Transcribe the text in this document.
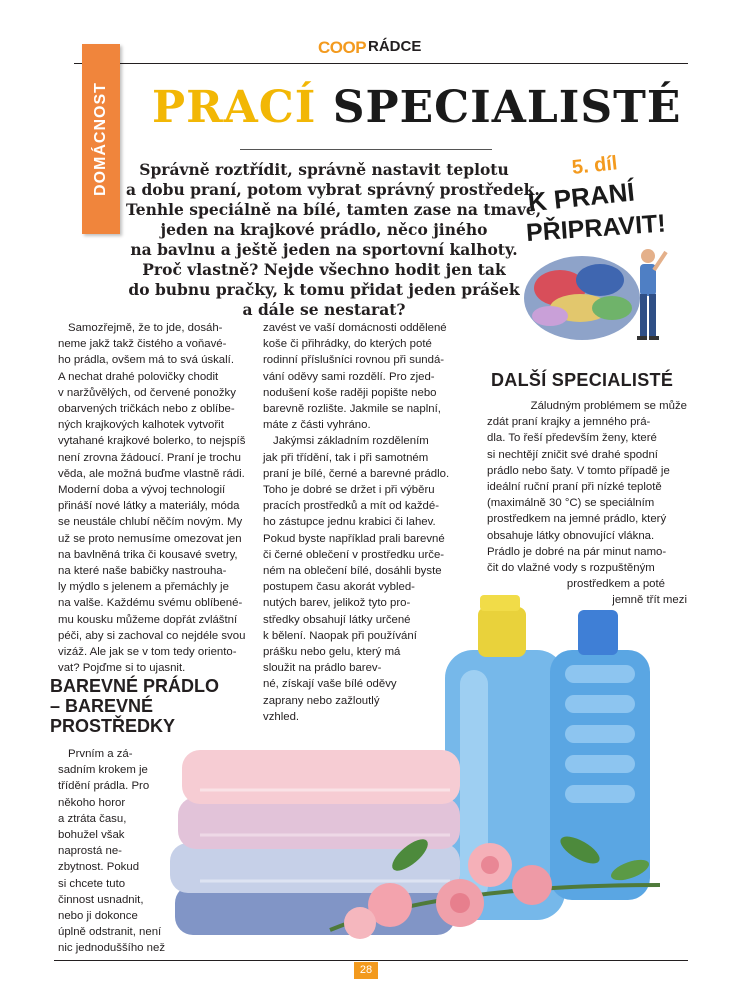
COOP RÁDCE
DOMÁCNOST PRACÍ SPECIALISTÉ
Správně roztřídit, správně nastavit teplotu
a dobu praní, potom vybrat správný prostředek.
Tenhle speciálně na bílé, tamten zase na tmavé,
jeden na krajkové prádlo, něco jiného
na bavlnu a ještě jeden na sportovní kalhoty.
Proč vlastně? Nejde všechno hodit jen tak
do bubnu pračky, k tomu přidat jeden prášek
a dále se nestarat?
5. díl
K PRANÍ
PŘIPRAVIT!
Samozřejmě, že to jde, dosáh-
neme jakž takž čistého a voňavé-
ho prádla, ovšem má to svá úskalí.
A nechat drahé polovičky chodit
v naržůvělých, od červené ponožky
obarvených tričkách nebo z oblíbe-
ných krajkových kalhotek vytvořit
vytahané krajkové bolerko, to nejspíš
není zrovna žádoucí. Praní je trochu
věda, ale možná buďme vlastně rádi.
Moderní doba a vývoj technologií
přináší nové látky a materiály, móda
se neustále chlubí něčím novým. My
už se proto nemusíme omezovat jen
na bavlněná trika či kousavé svetry,
na které naše babičky nastrouha-
ly mýdlo s jelenem a přemáchly je
na valše. Každému svému oblíbené-
mu kousku můžeme dopřát zvláštní
péči, aby si zachoval co nejdéle svou
vizáž. Ale jak se v tom tedy oriento-
vat? Pojďme si to ujasnit.
zavést ve vaší domácnosti oddělené
koše či přihrádky, do kterých poté
rodinní příslušníci rovnou při sundá-
vání oděvy sami rozdělí. Pro zjed-
nodušení koše raději popište nebo
barevně rozlište. Jakmile se naplní,
máte z části vyhráno.
Jakýmsi základním rozdělením
jak při třídění, tak i při samotném
praní je bílé, černé a barevné prádlo.
Toho je dobré se držet i při výběru
pracích prostředků a mít od každé-
ho zástupce jednu krabici či lahev.
Pokud byste například prali barevné
či černé oblečení v prostředku urče-
ném na oblečení bílé, dosáhli byste
postupem času akorát vybled-
nutých barev, jelikož tyto pro-
středky obsahují látky určené
k bělení. Naopak při používání
prášku nebo gelu, který má
sloužit na prádlo barev-
né, získají vaše bílé oděvy
zaprany nebo zažloutlý
vzhled.
DALŠÍ SPECIALISTÉ
Záludným problémem se může
zdát praní krajky a jemného prá-
dla. To řeší především ženy, které
si nechtějí zničit své drahé spodní
prádlo nebo šaty. V tomto případě je
ideální ruční praní při nízké teplotě
(maximálně 30 °C) se speciálním
prostředkem na jemné prádlo, který
obsahuje látky obnovující vlákna.
Prádlo je dobré na pár minut namo-
čit do vlažné vody s rozpuštěným
prostředkem a poté
jemně třít mezi
BAREVNÉ PRÁDLO
– BAREVNÉ
PROSTŘEDKY
Prvním a zá-
sadním krokem je
třídění prádla. Pro
někoho horor
a ztráta času,
bohužel však
naprostá ne-
zbytnost. Pokud
si chcete tuto
činnost usnadnit,
nebo ji dokonce
úplně odstranit, není
nic jednoduššího než
28
